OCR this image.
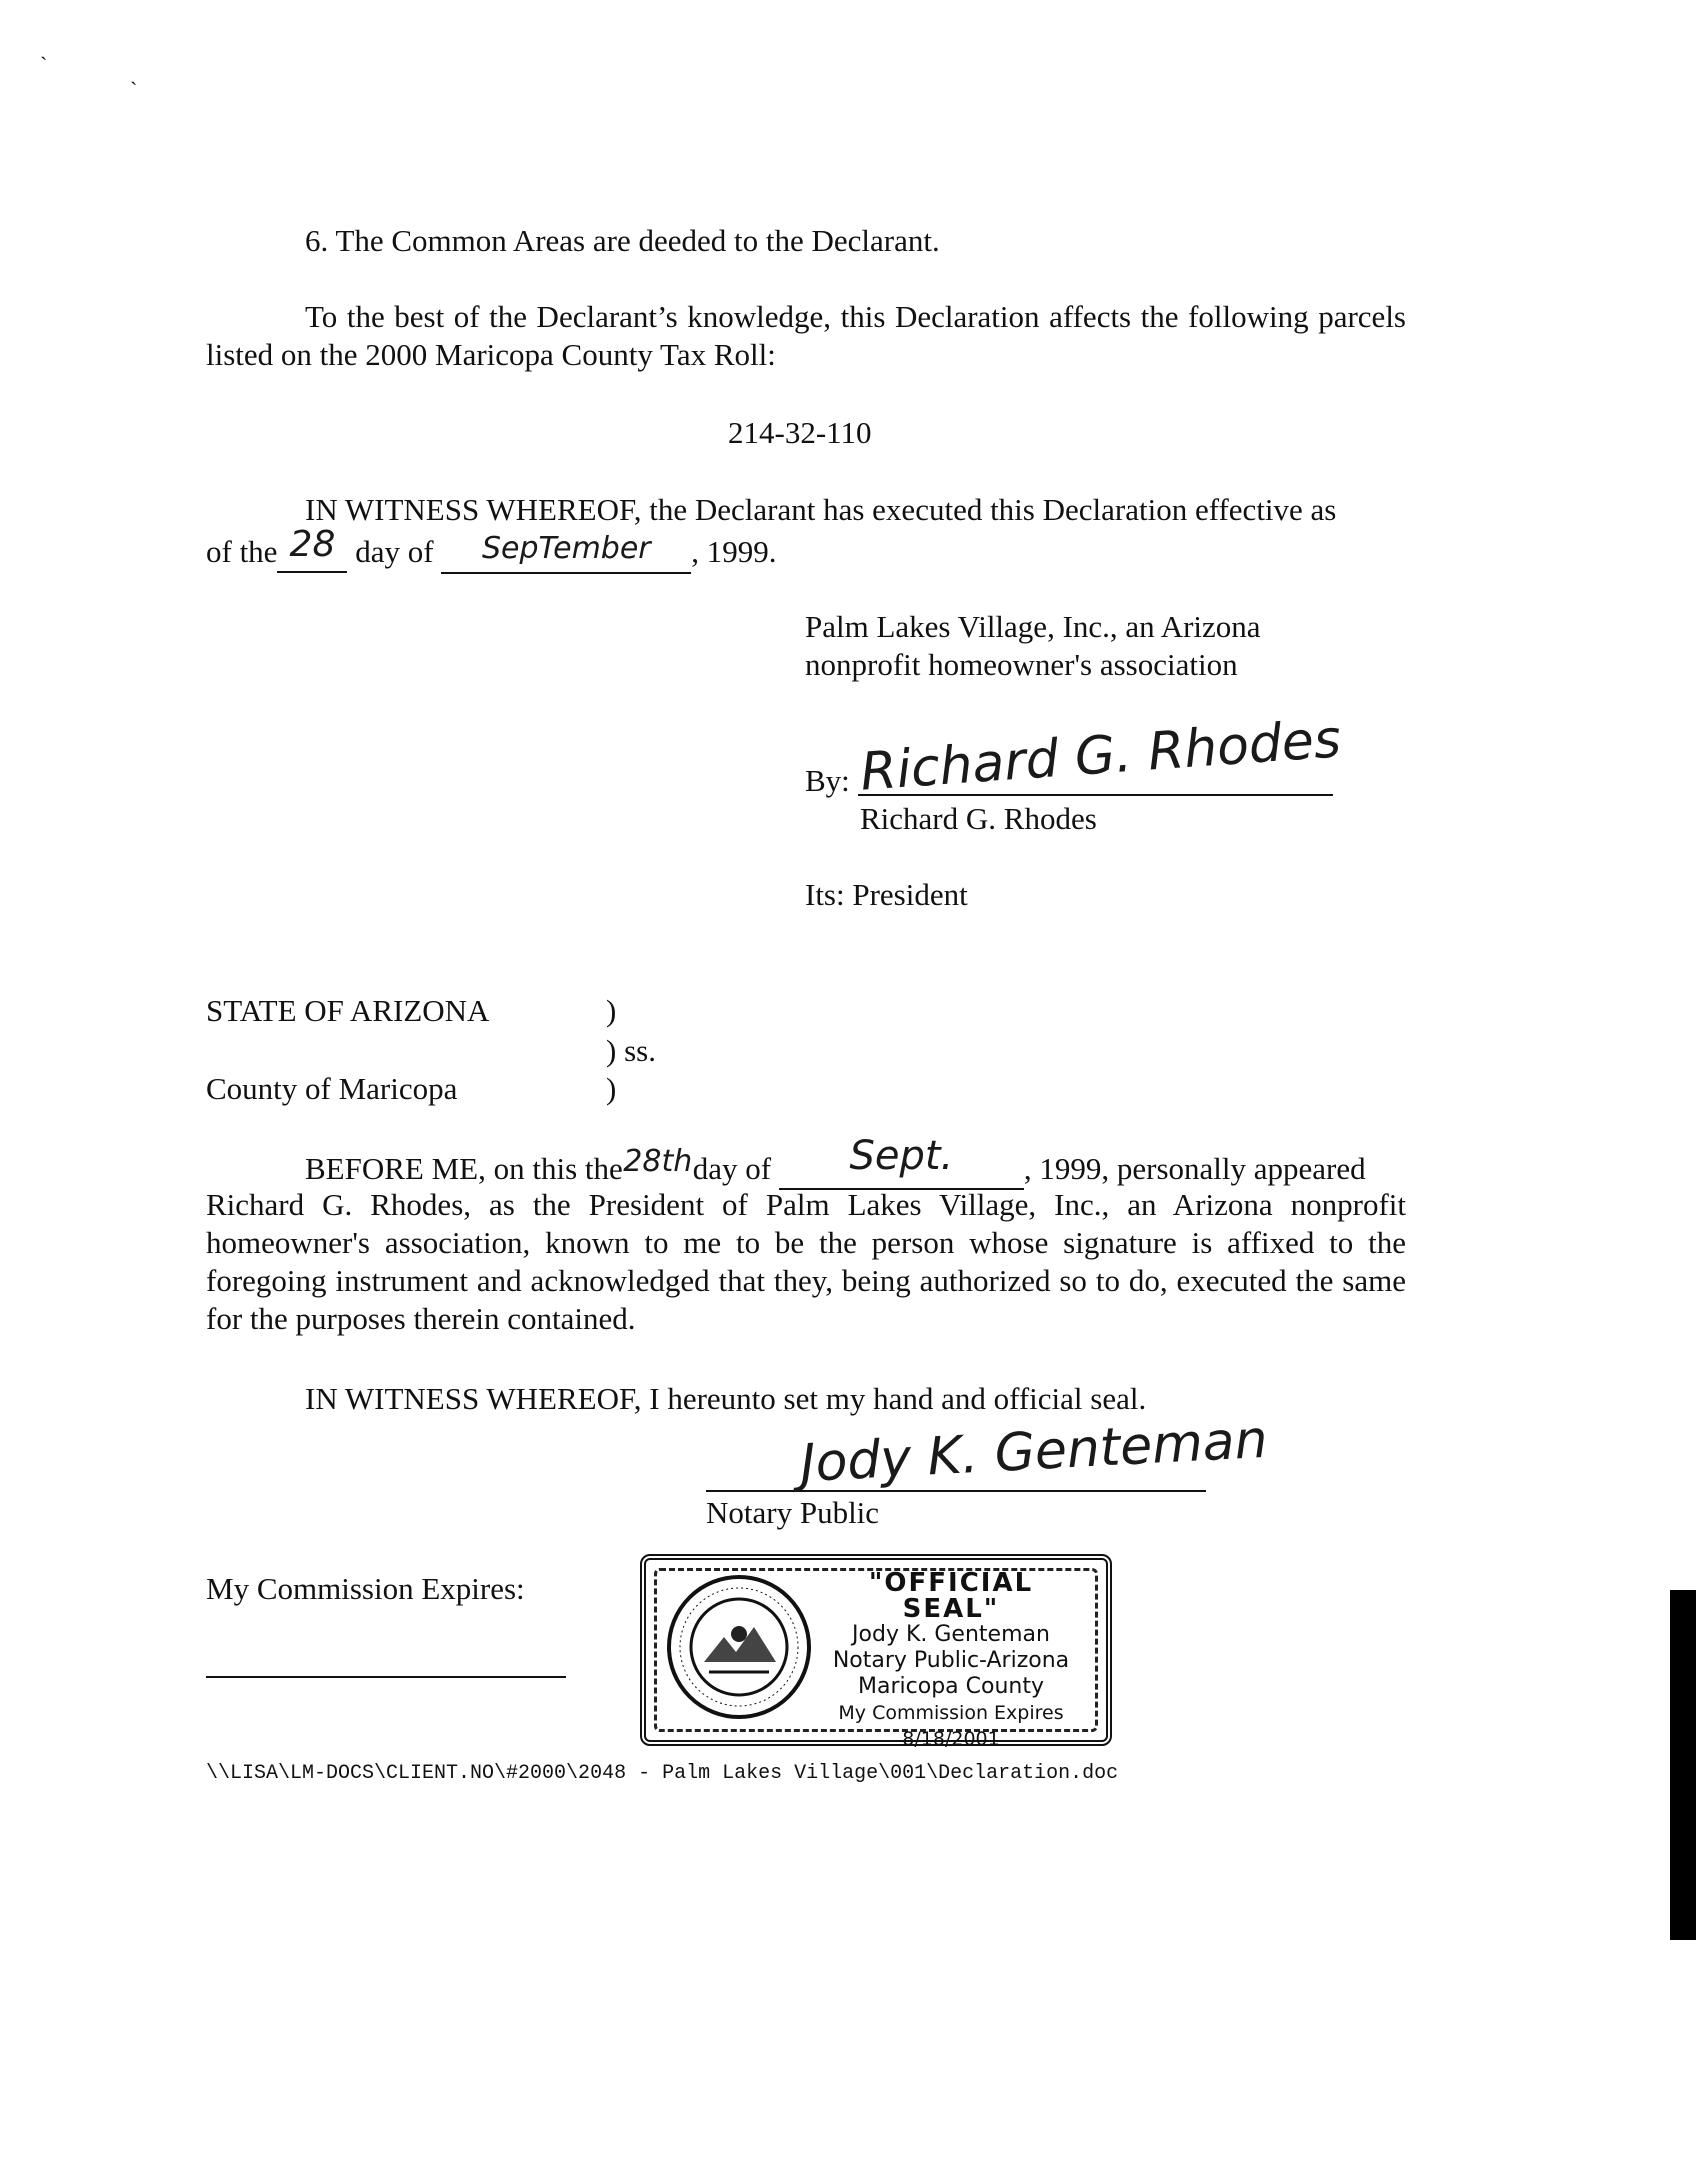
6. The Common Areas are deeded to the Declarant.
To the best of the Declarant’s knowledge, this Declaration affects the following parcels listed on the 2000 Maricopa County Tax Roll:
214-32-110
IN WITNESS WHEREOF, the Declarant has executed this Declaration effective as
of the 28 day of SepTember , 1999.
Palm Lakes Village, Inc., an Arizona
nonprofit homeowner's association
By: Richard G. Rhodes
Richard G. Rhodes
Its: President
STATE OF ARIZONA	)
) ss.
County of Maricopa	)
BEFORE ME, on this the28thday of Sept. , 1999, personally appeared
Richard G. Rhodes, as the President of Palm Lakes Village, Inc., an Arizona nonprofit homeowner's association, known to me to be the person whose signature is affixed to the foregoing instrument and acknowledged that they, being authorized so to do, executed the same for the purposes therein contained.
IN WITNESS WHEREOF, I hereunto set my hand and official seal.
Jody K. Genteman
Notary Public
My Commission Expires:	"OFFICIAL SEAL"
Jody K. Genteman
Notary Public-Arizona
Maricopa County
My Commission Expires 8/18/2001
\\LISA\LM-DOCS\CLIENT.NO\#2000\2048 - Palm Lakes Village\001\Declaration.doc
ˋ	ˎ
